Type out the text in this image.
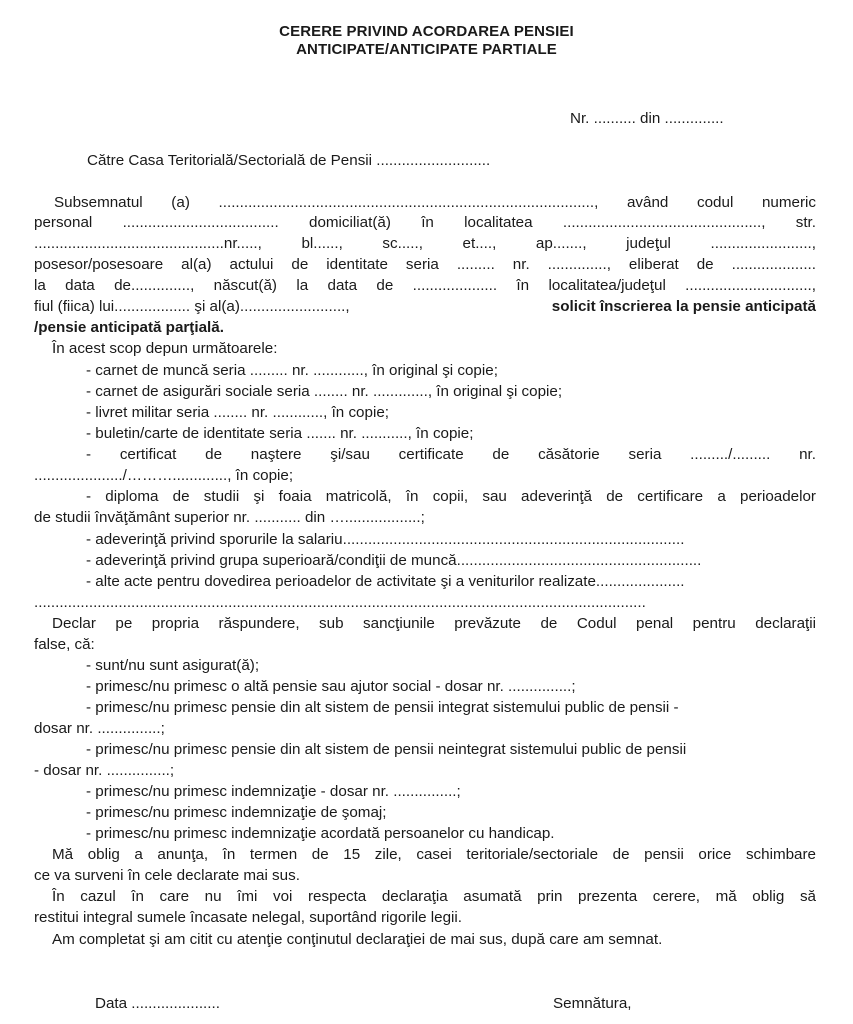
CERERE PRIVIND ACORDAREA PENSIEI
ANTICIPATE/ANTICIPATE PARTIALE
Nr. .......... din ..............
Către Casa Teritorială/Sectorială de Pensii ...........................
Subsemnatul (a) ........................................................................................., având codul numeric
personal ..................................... domiciliat(ă) în localitatea ..............................................., str.
.............................................nr....., bl......, sc....., et...., ap......., judeţul ........................,
posesor/posesoare al(a) actului de identitate seria ......... nr. .............., eliberat de ....................
la data de.............., născut(ă) la data de .................... în localitatea/judeţul ..............................,
fiul (fiica) lui.................. şi al(a).........................,	solicit înscrierea la pensie anticipată
/pensie anticipată parţială.
În acest scop depun următoarele:
- carnet de muncă seria ......... nr. ............, în original şi copie;
- carnet de asigurări sociale seria ........ nr. ............., în original şi copie;
- livret militar seria ........ nr. ............, în copie;
- buletin/carte de identitate seria ....... nr. ..........., în copie;
- certificat de naştere şi/sau certificate de căsătorie seria ........./......... nr.
...................../………............., în copie;
- diploma de studii şi foaia matricolă, în copii, sau adeverinţă de certificare a perioadelor
de studii învăţământ superior nr. ........... din …..................;
- adeverinţă privind sporurile la salariu.................................................................................
- adeverinţă privind grupa superioară/condiţii de muncă..........................................................
- alte acte pentru dovedirea perioadelor de activitate şi a veniturilor realizate.....................
.................................................................................................................................................
Declar pe propria răspundere, sub sancţiunile prevăzute de Codul penal pentru declaraţii
false, că:
- sunt/nu sunt asigurat(ă);
- primesc/nu primesc o altă pensie sau ajutor social - dosar nr. ...............;
- primesc/nu primesc pensie din alt sistem de pensii integrat sistemului public de pensii -
dosar nr. ...............;
- primesc/nu primesc pensie din alt sistem de pensii neintegrat sistemului public de pensii
- dosar nr. ...............;
- primesc/nu primesc indemnizaţie - dosar nr. ...............;
- primesc/nu primesc indemnizaţie de şomaj;
- primesc/nu primesc indemnizaţie acordată persoanelor cu handicap.
Mă oblig a anunţa, în termen de 15 zile, casei teritoriale/sectoriale de pensii orice schimbare
ce va surveni în cele declarate mai sus.
În cazul în care nu îmi voi respecta declaraţia asumată prin prezenta cerere, mă oblig să
restitui integral sumele încasate nelegal, suportând rigorile legii.
Am completat şi am citit cu atenţie conţinutul declaraţiei de mai sus, după care am semnat.
Data .....................	Semnătura,
